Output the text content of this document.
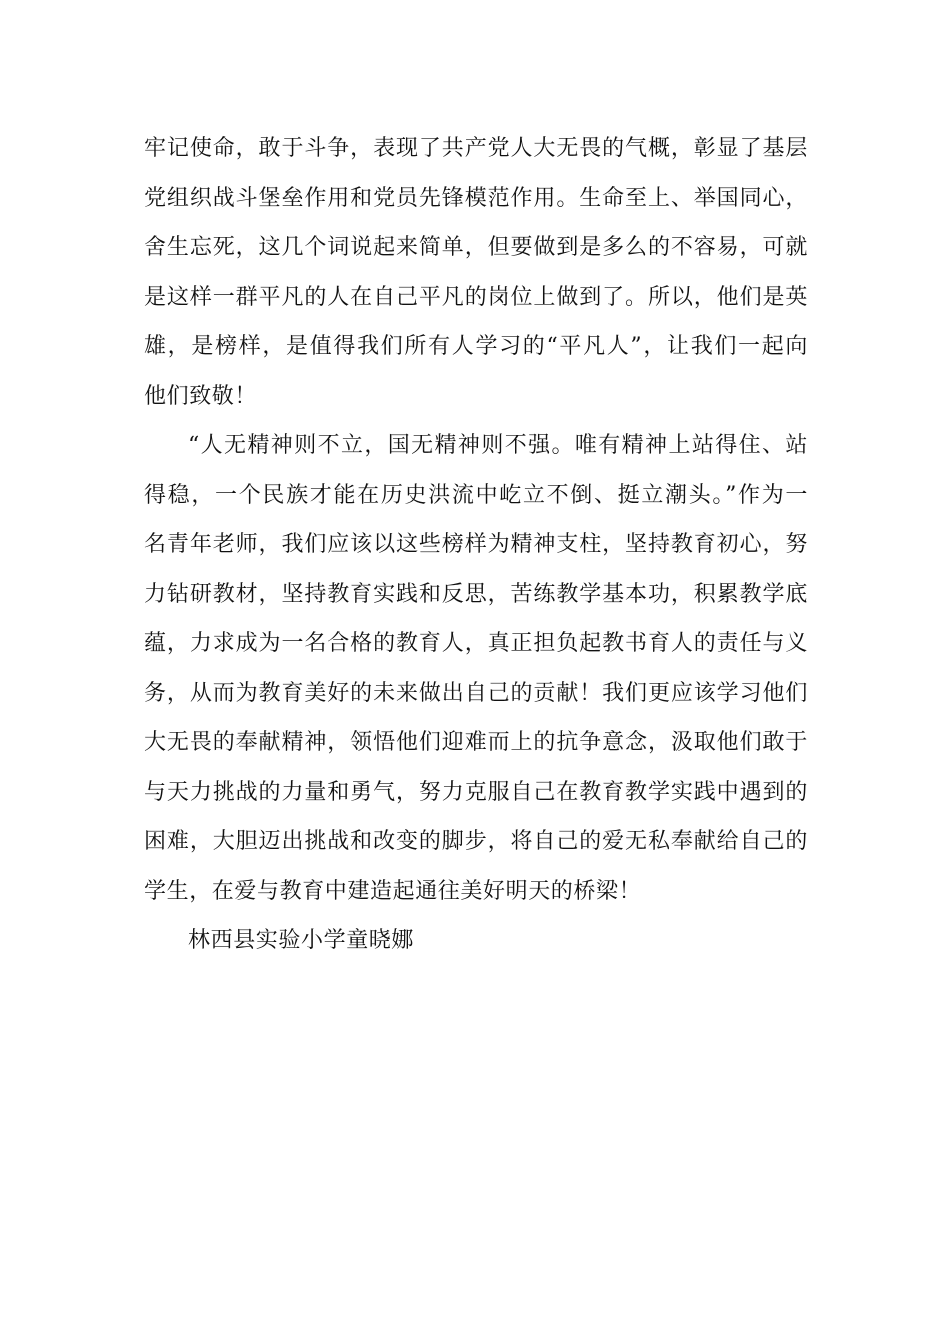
牢记使命，敢于斗争，表现了共产党人大无畏的气概，彰显了基层
党组织战斗堡垒作用和党员先锋模范作用。生命至上、举国同心，
舍生忘死，这几个词说起来简单，但要做到是多么的不容易，可就
是这样一群平凡的人在自己平凡的岗位上做到了。所以，他们是英
雄，是榜样，是值得我们所有人学习的“平凡人”，让我们一起向
他们致敬！

“人无精神则不立，国无精神则不强。唯有精神上站得住、站
得稳，一个民族才能在历史洪流中屹立不倒、挺立潮头。”作为一
名青年老师，我们应该以这些榜样为精神支柱，坚持教育初心，努
力钻研教材，坚持教育实践和反思，苦练教学基本功，积累教学底
蕴，力求成为一名合格的教育人，真正担负起教书育人的责任与义
务，从而为教育美好的未来做出自己的贡献！我们更应该学习他们
大无畏的奉献精神，领悟他们迎难而上的抗争意念，汲取他们敢于
与天力挑战的力量和勇气，努力克服自己在教育教学实践中遇到的
困难，大胆迈出挑战和改变的脚步，将自己的爱无私奉献给自己的
学生，在爱与教育中建造起通往美好明天的桥梁！

林西县实验小学童晓娜
